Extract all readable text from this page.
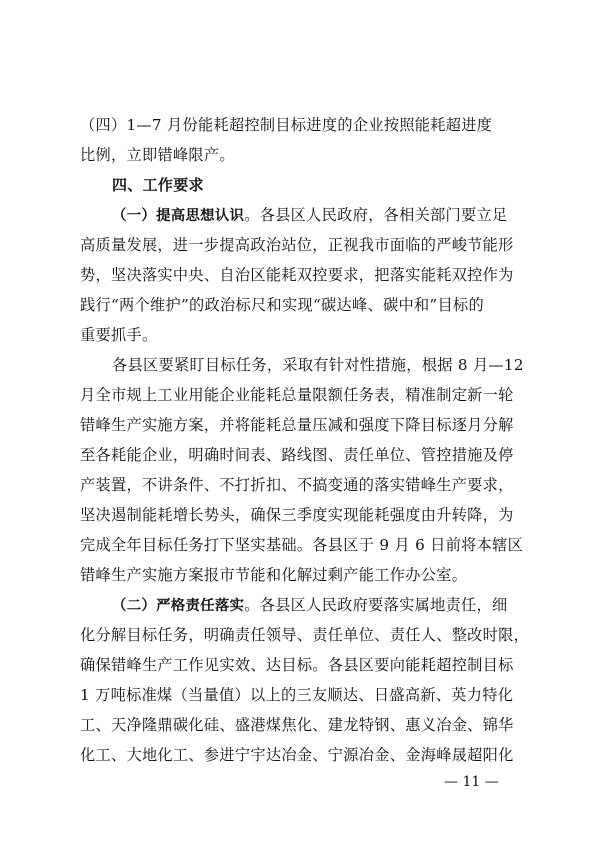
（四）1—7 月份能耗超控制目标进度的企业按照能耗超进度
比例，立即错峰限产。
四、工作要求
（一）提高思想认识。各县区人民政府，各相关部门要立足
高质量发展，进一步提高政治站位，正视我市面临的严峻节能形
势，坚决落实中央、自治区能耗双控要求，把落实能耗双控作为
践行“两个维护”的政治标尺和实现“碳达峰、碳中和”目标的
重要抓手。
各县区要紧盯目标任务，采取有针对性措施，根据 8 月—12
月全市规上工业用能企业能耗总量限额任务表，精准制定新一轮
错峰生产实施方案，并将能耗总量压减和强度下降目标逐月分解
至各耗能企业，明确时间表、路线图、责任单位、管控措施及停
产装置，不讲条件、不打折扣、不搞变通的落实错峰生产要求，
坚决遏制能耗增长势头，确保三季度实现能耗强度由升转降，为
完成全年目标任务打下坚实基础。各县区于 9 月 6 日前将本辖区
错峰生产实施方案报市节能和化解过剩产能工作办公室。
（二）严格责任落实。各县区人民政府要落实属地责任，细
化分解目标任务，明确责任领导、责任单位、责任人、整改时限，
确保错峰生产工作见实效、达目标。各县区要向能耗超控制目标
1 万吨标准煤（当量值）以上的三友顺达、日盛高新、英力特化
工、天净隆鼎碳化硅、盛港煤焦化、建龙特钢、惠义冶金、锦华
化工、大地化工、参进宁宇达冶金、宁源冶金、金海峰晟超阳化
— 11 —
